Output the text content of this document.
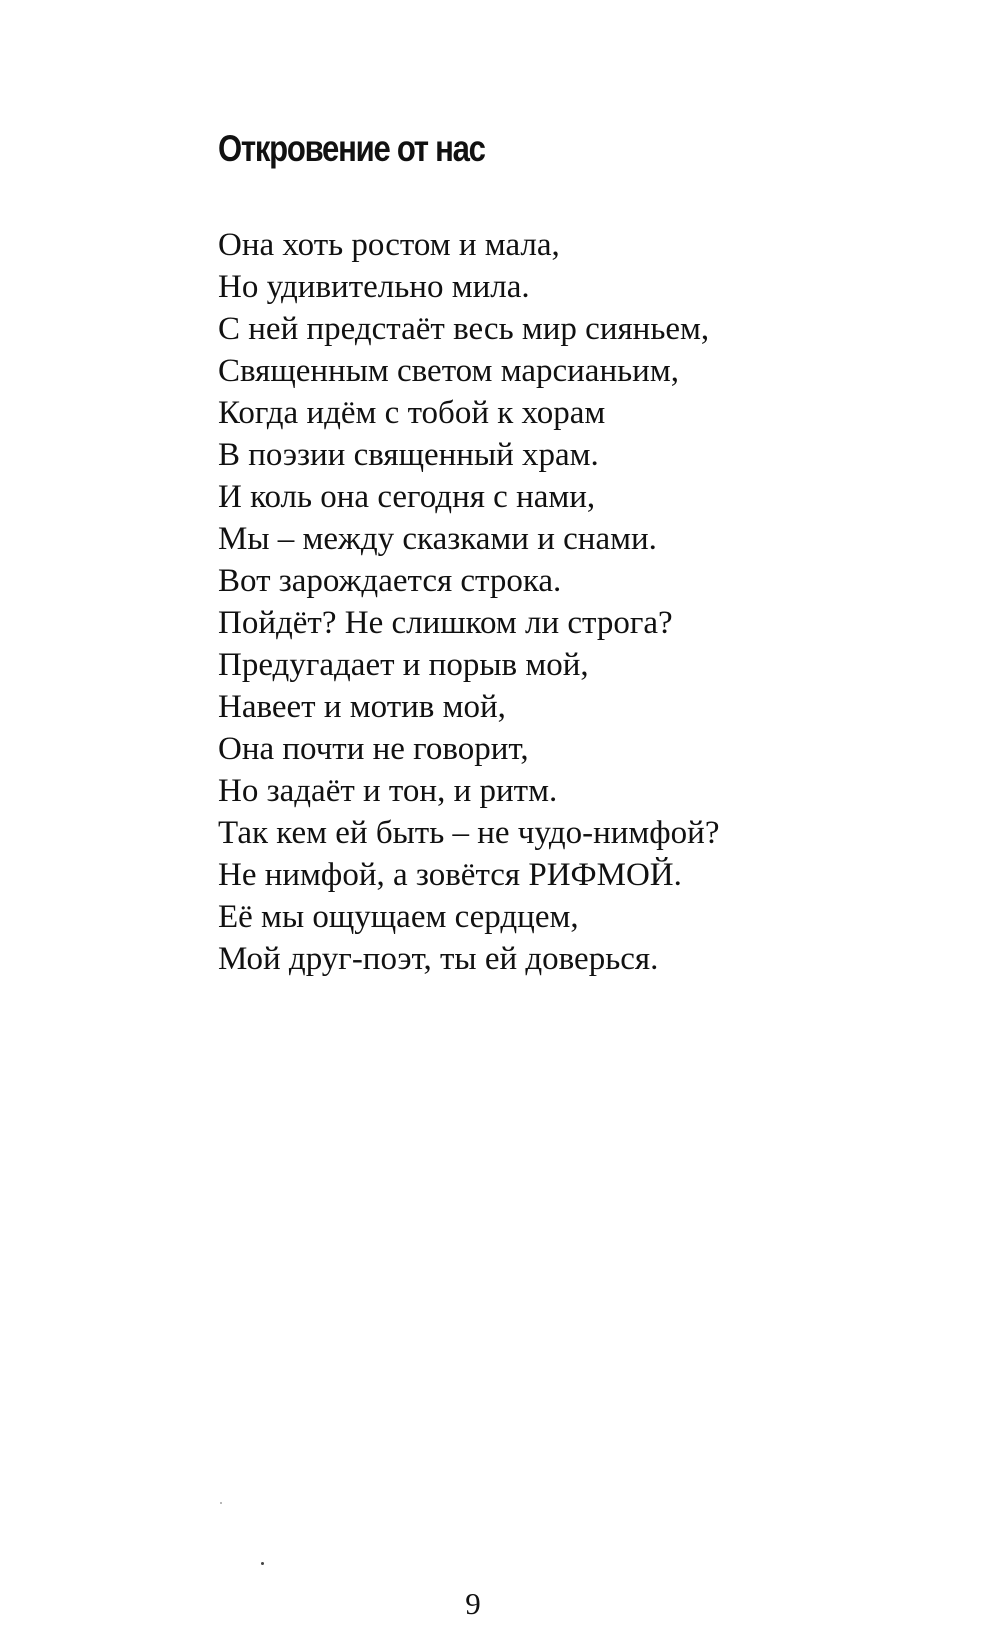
Откровение от нас
Она хоть ростом и мала,
Но удивительно мила.
С ней предстаёт весь мир сияньем,
Священным светом марсианьим,
Когда идём с тобой к хорам
В поэзии священный храм.
И коль она сегодня с нами,
Мы – между сказками и снами.
Вот зарождается строка.
Пойдёт? Не слишком ли строга?
Предугадает и порыв мой,
Навеет и мотив мой,
Она почти не говорит,
Но задаёт и тон, и ритм.
Так кем ей быть – не чудо-нимфой?
Не нимфой, а зовётся РИФМОЙ.
Её мы ощущаем сердцем,
Мой друг-поэт, ты ей доверься.
9
